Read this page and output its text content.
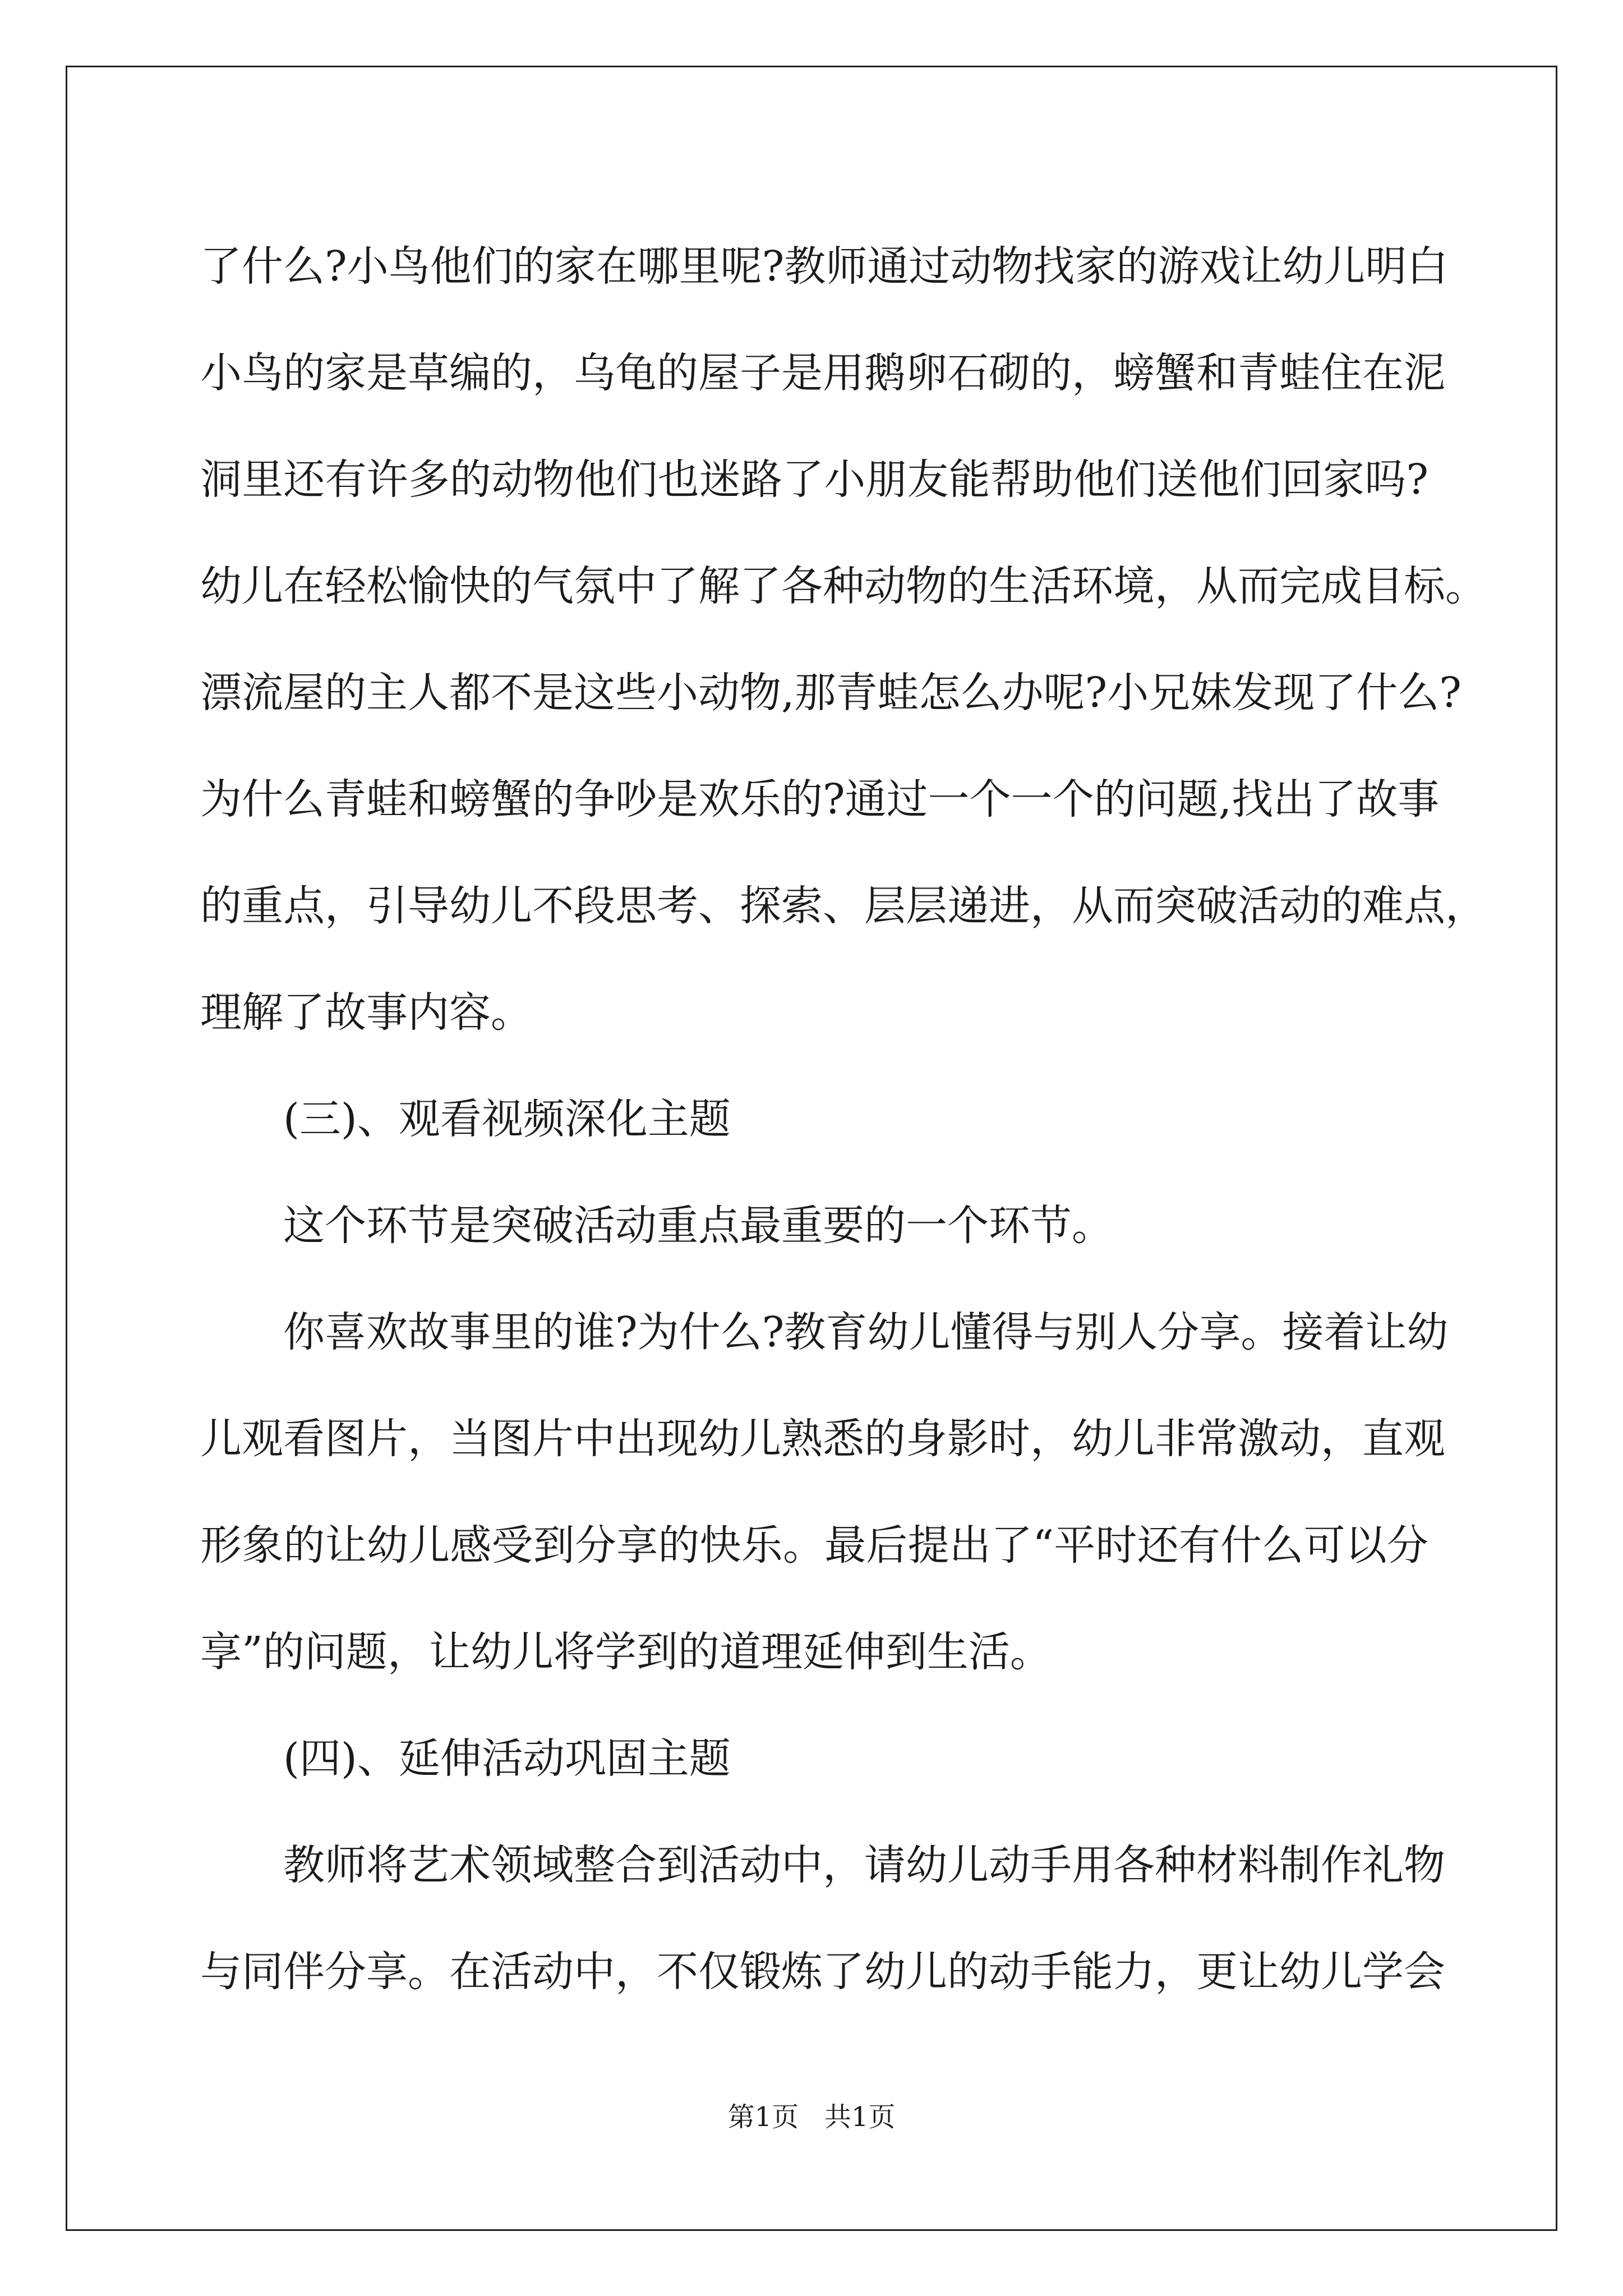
了什么?小鸟他们的家在哪里呢?教师通过动物找家的游戏让幼儿明白

小鸟的家是草编的，乌龟的屋子是用鹅卵石砌的，螃蟹和青蛙住在泥

洞里还有许多的动物他们也迷路了小朋友能帮助他们送他们回家吗?

幼儿在轻松愉快的气氛中了解了各种动物的生活环境，从而完成目标。

漂流屋的主人都不是这些小动物,那青蛙怎么办呢?小兄妹发现了什么?

为什么青蛙和螃蟹的争吵是欢乐的?通过一个一个的问题,找出了故事

的重点，引导幼儿不段思考、探索、层层递进，从而突破活动的难点，

理解了故事内容。

(三)、观看视频深化主题

这个环节是突破活动重点最重要的一个环节。

你喜欢故事里的谁?为什么?教育幼儿懂得与别人分享。接着让幼

儿观看图片，当图片中出现幼儿熟悉的身影时，幼儿非常激动，直观

形象的让幼儿感受到分享的快乐。最后提出了“平时还有什么可以分

享”的问题，让幼儿将学到的道理延伸到生活。

(四)、延伸活动巩固主题

教师将艺术领域整合到活动中，请幼儿动手用各种材料制作礼物

与同伴分享。在活动中，不仅锻炼了幼儿的动手能力，更让幼儿学会

第1页   共1页
